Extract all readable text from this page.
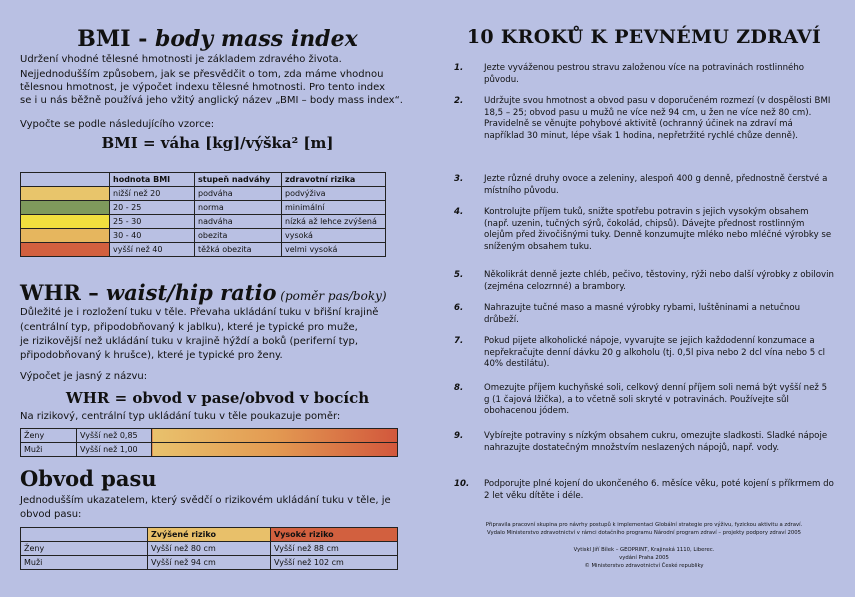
BMI - body mass index
Udržení vhodné tělesné hmotnosti je základem zdravého života.
Nejjednodušším způsobem, jak se přesvědčit o tom, zda máme vhodnou
tělesnou hmotnost, je výpočet indexu tělesné hmotnosti. Pro tento index
se i u nás běžně používá jeho vžitý anglický název „BMI – body mass index“.
Vypočte se podle následujícího vzorce:
BMI = váha [kg]/výška² [m]
	hodnota BMI	stupeň nadváhy	zdravotní rizika
	nižší než 20	podváha	podvýživa
	20 - 25	norma	minimální
	25 - 30	nadváha	nízká až lehce zvýšená
	30 - 40	obezita	vysoká
	vyšší než 40	těžká obezita	velmi vysoká
WHR – waist/hip ratio (poměr pas/boky)
Důležité je i rozložení tuku v těle. Převaha ukládání tuku v břišní krajině
(centrální typ, připodobňovaný k jablku), které je typické pro muže,
je rizikovější než ukládání tuku v krajině hýždí a boků (periferní typ,
připodobňovaný k hrušce), které je typické pro ženy.
Výpočet je jasný z názvu:
WHR = obvod v pase/obvod v bocích
Na rizikový, centrální typ ukládání tuku v těle poukazuje poměr:
Ženy	Vyšší než 0,85	
Muži	Vyšší než 1,00	
Obvod pasu
Jednodušším ukazatelem, který svědčí o rizikovém ukládání tuku v těle, je
obvod pasu:
	Zvýšené riziko	Vysoké riziko
Ženy	Vyšší než 80 cm	Vyšší než 88 cm
Muži	Vyšší než 94 cm	Vyšší než 102 cm
10 KROKŮ K PEVNÉMU ZDRAVÍ
1. Jezte vyváženou pestrou stravu založenou více na potravinách rostlinného původu.
2. Udržujte svou hmotnost a obvod pasu v doporučeném rozmezí (v dospělosti BMI 18,5 – 25; obvod pasu u mužů ne více než 94 cm, u žen ne více než 80 cm). Pravidelně se věnujte pohybové aktivitě (ochranný účinek na zdraví má například 30 minut, lépe však 1 hodina, nepřetržité rychlé chůze denně).
3. Jezte různé druhy ovoce a zeleniny, alespoň 400 g denně, přednostně čerstvé a místního původu.
4. Kontrolujte příjem tuků, snižte spotřebu potravin s jejich vysokým obsahem (např. uzenin, tučných sýrů, čokolád, chipsů). Dávejte přednost rostlinným olejům před živočišnými tuky. Denně konzumujte mléko nebo mléčné výrobky se sníženým obsahem tuku.
5. Několikrát denně jezte chléb, pečivo, těstoviny, rýži nebo další výrobky z obilovin (zejména celozrnné) a brambory.
6. Nahrazujte tučné maso a masné výrobky rybami, luštěninami a netučnou drůbeží.
7. Pokud pijete alkoholické nápoje, vyvarujte se jejich každodenní konzumace a nepřekračujte denní dávku 20 g alkoholu (tj. 0,5l piva nebo 2 dcl vína nebo 5 cl 40% destilátu).
8. Omezujte příjem kuchyňské soli, celkový denní příjem soli nemá být vyšší než 5 g (1 čajová lžička), a to včetně soli skryté v potravinách. Používejte sůl obohacenou jódem.
9. Vybírejte potraviny s nízkým obsahem cukru, omezujte sladkosti. Sladké nápoje nahrazujte dostatečným množstvím neslazených nápojů, např. vody.
10. Podporujte plné kojení do ukončeného 6. měsíce věku, poté kojení s příkrmem do 2 let věku dítěte i déle.
Připravila pracovní skupina pro návrhy postupů k implementaci Globální strategie pro výživu, fyzickou aktivitu a zdraví.
Vydalo Ministerstvo zdravotnictví v rámci dotačního programu Národní program zdraví – projekty podpory zdraví 2005
Vytiskl Jiří Bílek – GEOPRINT, Krajinská 1110, Liberec.
vydání Praha 2005
© Ministerstvo zdravotnictví České republiky
